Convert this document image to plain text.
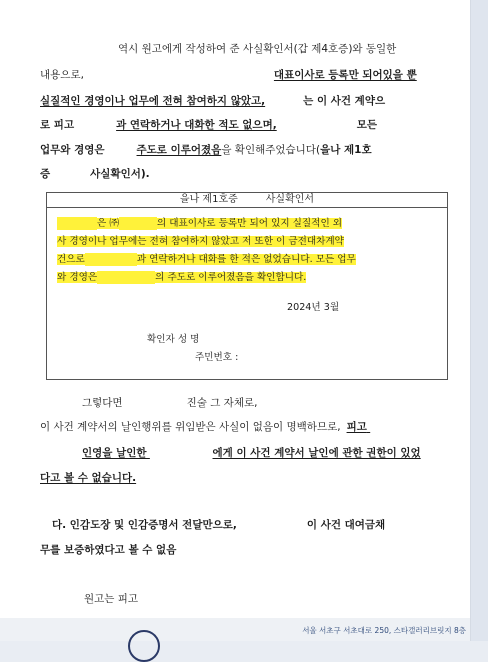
역시 원고에게 작성하여 준 사실확인서(갑 제4호증)와 동일한
내용으로,	대표이사로 등록만 되어있을 뿐
실질적인 경영이나 업무에 전혀 참여하지 않았고,	는 이 사건 계약으
로 피고	과 연락하거나 대화한 적도 없으며,	모든
업무와 경영은	주도로 이루어졌음을 확인해주었습니다(을나 제1호
증	사실확인서).
을나 제1호증	사실확인서
은 ㈜	의 대표이사로 등록만 되어 있지 실질적인 외
사 경영이나 업무에는 전혀 참여하지 않았고 저 또한 이 금전대차계약
건으로	과 연락하거나 대화를 한 적은 없었습니다. 모든 업무
와 경영은	의 주도로 이루어졌음을 확인합니다.
2024년 3월
확인자 성 명
주민번호 :
그렇다면	진술 그 자체로,
이 사건 계약서의 날인행위를 위임받은 사실이 없음이 명백하므로, 피고
인영을 날인한	에게 이 사건 계약서 날인에 관한 권한이 있었
다고 볼 수 없습니다.
다. 인감도장 및 인감증명서 전달만으로,	이 사건 대여금채
무를 보증하였다고 볼 수 없음
원고는 피고
서울 서초구 서초대로 250, 스타갤러리브릿지 8층
